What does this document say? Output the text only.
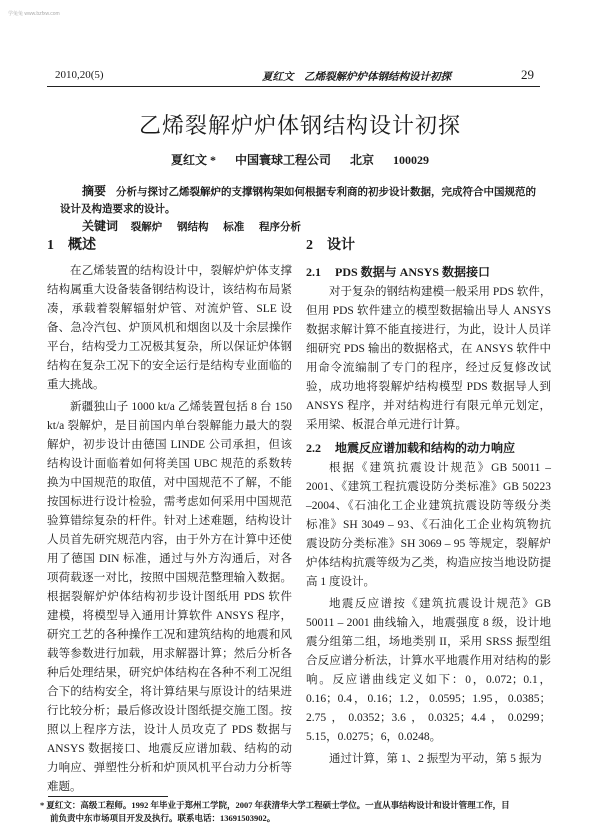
学兔兔 www.bzfxw.com
2010,20(5)	夏红文　乙烯裂解炉炉体钢结构设计初探	29
乙烯裂解炉炉体钢结构设计初探
夏红文 * 中国寰球工程公司 北京 100029
摘要 分析与探讨乙烯裂解炉的支撑钢构架如何根据专利商的初步设计数据，完成符合中国规范的
设计及构造要求的设计。
关键词 裂解炉 钢结构 标准 程序分析
1 概述
在乙烯装置的结构设计中，裂解炉炉体支撑
结构属重大设备装备钢结构设计，该结构布局紧
凑，承载着裂解辐射炉管、对流炉管、SLE 设
备、急冷汽包、炉顶风机和烟囱以及十余层操作
平台，结构受力工况极其复杂，所以保证炉体钢
结构在复杂工况下的安全运行是结构专业面临的
重大挑战。
新疆独山子 1000 kt/a 乙烯装置包括 8 台 150
kt/a 裂解炉，是目前国内单台裂解能力最大的裂
解炉，初步设计由德国 LINDE 公司承担，但该
结构设计面临着如何将美国 UBC 规范的系数转
换为中国规范的取值，对中国规范不了解，不能
按国标进行设计检验，需考虑如何采用中国规范
验算错综复杂的杆件。针对上述难题，结构设计
人员首先研究规范内容，由于外方在计算中还使
用了德国 DIN 标准，通过与外方沟通后，对各
项荷载逐一对比，按照中国规范整理输入数据。
根据裂解炉炉体结构初步设计图纸用 PDS 软件
建模，将模型导入通用计算软件 ANSYS 程序，
研究工艺的各种操作工况和建筑结构的地震和风
载等参数进行加载，用求解器计算；然后分析各
种后处理结果，研究炉体结构在各种不利工况组
合下的结构安全，将计算结果与原设计的结果进
行比较分析；最后修改设计图纸提交施工图。按
照以上程序方法，设计人员攻克了 PDS 数据与
ANSYS 数据接口、地震反应谱加载、结构的动
力响应、弹塑性分析和炉顶风机平台动力分析等
难题。
2 设计
2.1 PDS 数据与 ANSYS 数据接口
对于复杂的钢结构建模一般采用 PDS 软件，
但用 PDS 软件建立的模型数据输出导人 ANSYS
数据求解计算不能直接进行，为此，设计人员详
细研究 PDS 输出的数据格式，在 ANSYS 软件中
用命令流编制了专门的程序，经过反复修改试
验，成功地将裂解炉结构模型 PDS 数据导人到
ANSYS 程序，并对结构进行有限元单元划定，
采用梁、板混合单元进行计算。
2.2 地震反应谱加载和结构的动力响应
根据《建筑抗震设计规范》GB 50011 –
2001、《建筑工程抗震设防分类标准》GB 50223
–2004、《石油化工企业建筑抗震设防等级分类
标准》SH 3049 – 93、《石油化工企业构筑物抗
震设防分类标准》SH 3069 – 95 等规定，裂解炉
炉体结构抗震等级为乙类，构造应按当地设防提
高 1 度设计。
地震反应谱按《建筑抗震设计规范》GB
50011 – 2001 曲线输入，地震强度 8 级，设计地
震分组第二组，场地类别 II，采用 SRSS 振型组
合反应谱分析法，计算水平地震作用对结构的影
响。反应谱曲线定义如下：0，0.072；0.1，
0.16；0.4，0.16；1.2，0.0595；1.95，0.0385；
2.75，0.0352；3.6，0.0325；4.4，0.0299；
5.15，0.0275；6，0.0248。
通过计算，第 1、2 振型为平动，第 5 振为
* 夏红文：高级工程师。1992 年毕业于郑州工学院，2007 年获清华大学工程硕士学位。一直从事结构设计和设计管理工作，目
前负责中东市场项目开发及执行。联系电话：13691503902。
